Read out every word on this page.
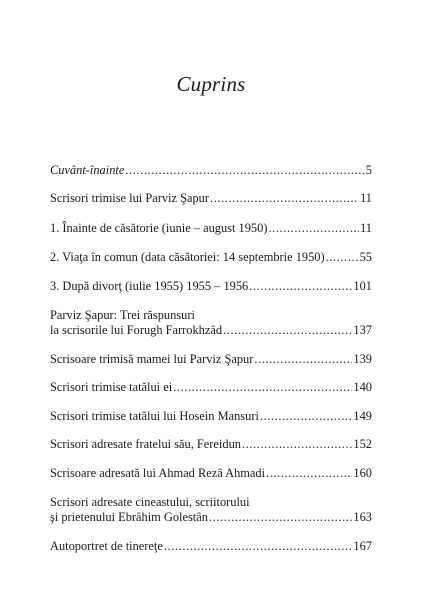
Cuprins
Cuvânt-înainte .....	5
Scrisori trimise lui Parviz Şapur .....	11
1. Înainte de căsătorie (iunie – august 1950) .....	11
2. Viaţa în comun (data căsătoriei: 14 septembrie 1950) .....	55
3. După divorţ (iulie 1955) 1955 – 1956 .....	101
Parviz Şapur: Trei răspunsuri
la scrisorile lui Forugh Farrokhzâd .....	137
Scrisoare trimisă mamei lui Parviz Şapur .....	139
Scrisori trimise tatălui ei .....	140
Scrisori trimise tatălui lui Hosein Mansuri .....	149
Scrisori adresate fratelui său, Fereidun .....	152
Scrisoare adresată lui Ahmad Rezâ Ahmadi .....	160
Scrisori adresate cineastului, scriitorului
şi prietenului Ebrâhim Golestân .....	163
Autoportret de tinereţe .....	167
